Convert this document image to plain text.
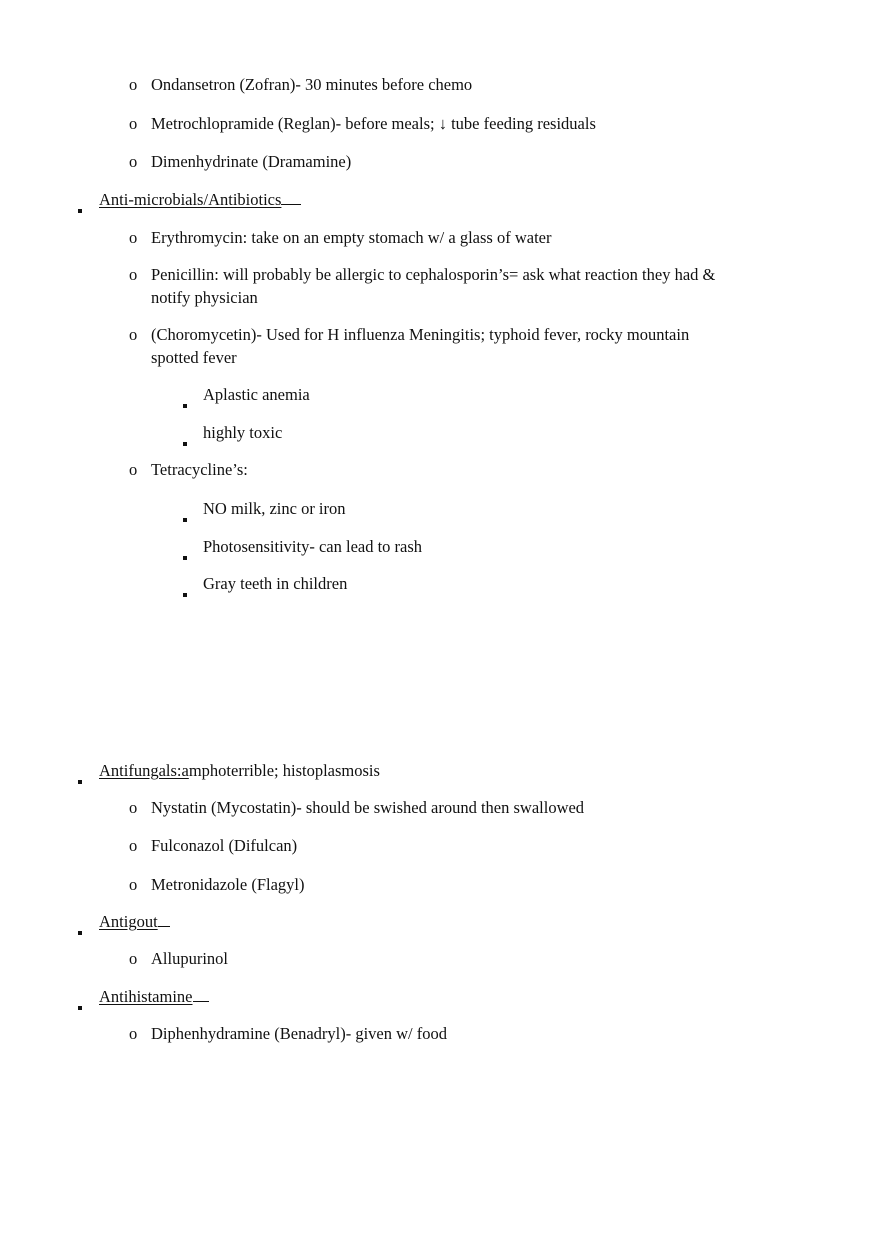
o Ondansetron (Zofran)- 30 minutes before chemo
o Metrochlopramide (Reglan)- before meals; ↓ tube feeding residuals
o Dimenhydrinate (Dramamine)
Anti-microbials/Antibiotics
o Erythromycin: take on an empty stomach w/ a glass of water
o Penicillin: will probably be allergic to cephalosporin’s= ask what reaction they had & notify physician
o (Choromycetin)- Used for H influenza Meningitis; typhoid fever, rocky mountain spotted fever
Aplastic anemia
highly toxic
o Tetracycline’s:
NO milk, zinc or iron
Photosensitivity- can lead to rash
Gray teeth in children
Antifungals:amphoterrible; histoplasmosis
o Nystatin (Mycostatin)- should be swished around then swallowed
o Fulconazol (Difulcan)
o Metronidazole (Flagyl)
Antigout
o Allupurinol
Antihistamine
o Diphenhydramine (Benadryl)- given w/ food
